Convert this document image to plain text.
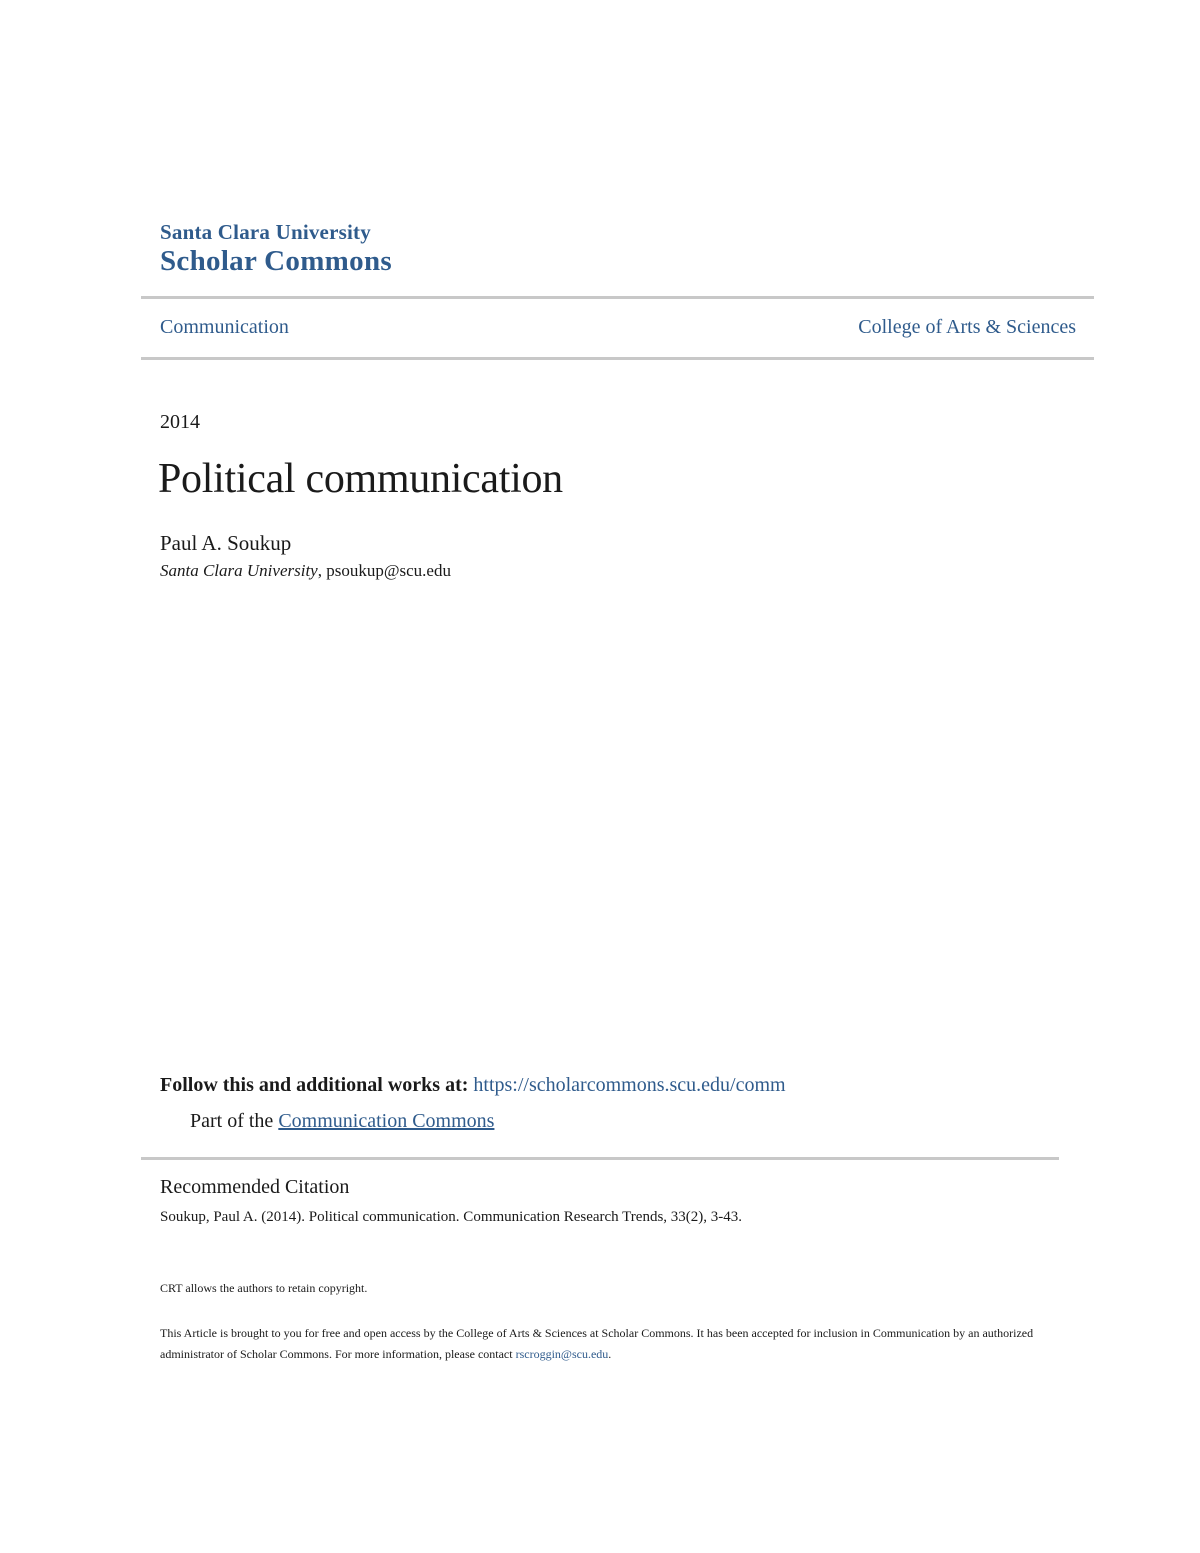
Santa Clara University
Scholar Commons
Communication	College of Arts & Sciences
2014
Political communication
Paul A. Soukup
Santa Clara University, psoukup@scu.edu
Follow this and additional works at: https://scholarcommons.scu.edu/comm
Part of the Communication Commons
Recommended Citation
Soukup, Paul A. (2014). Political communication. Communication Research Trends, 33(2), 3-43.
CRT allows the authors to retain copyright.
This Article is brought to you for free and open access by the College of Arts & Sciences at Scholar Commons. It has been accepted for inclusion in Communication by an authorized administrator of Scholar Commons. For more information, please contact rscroggin@scu.edu.
